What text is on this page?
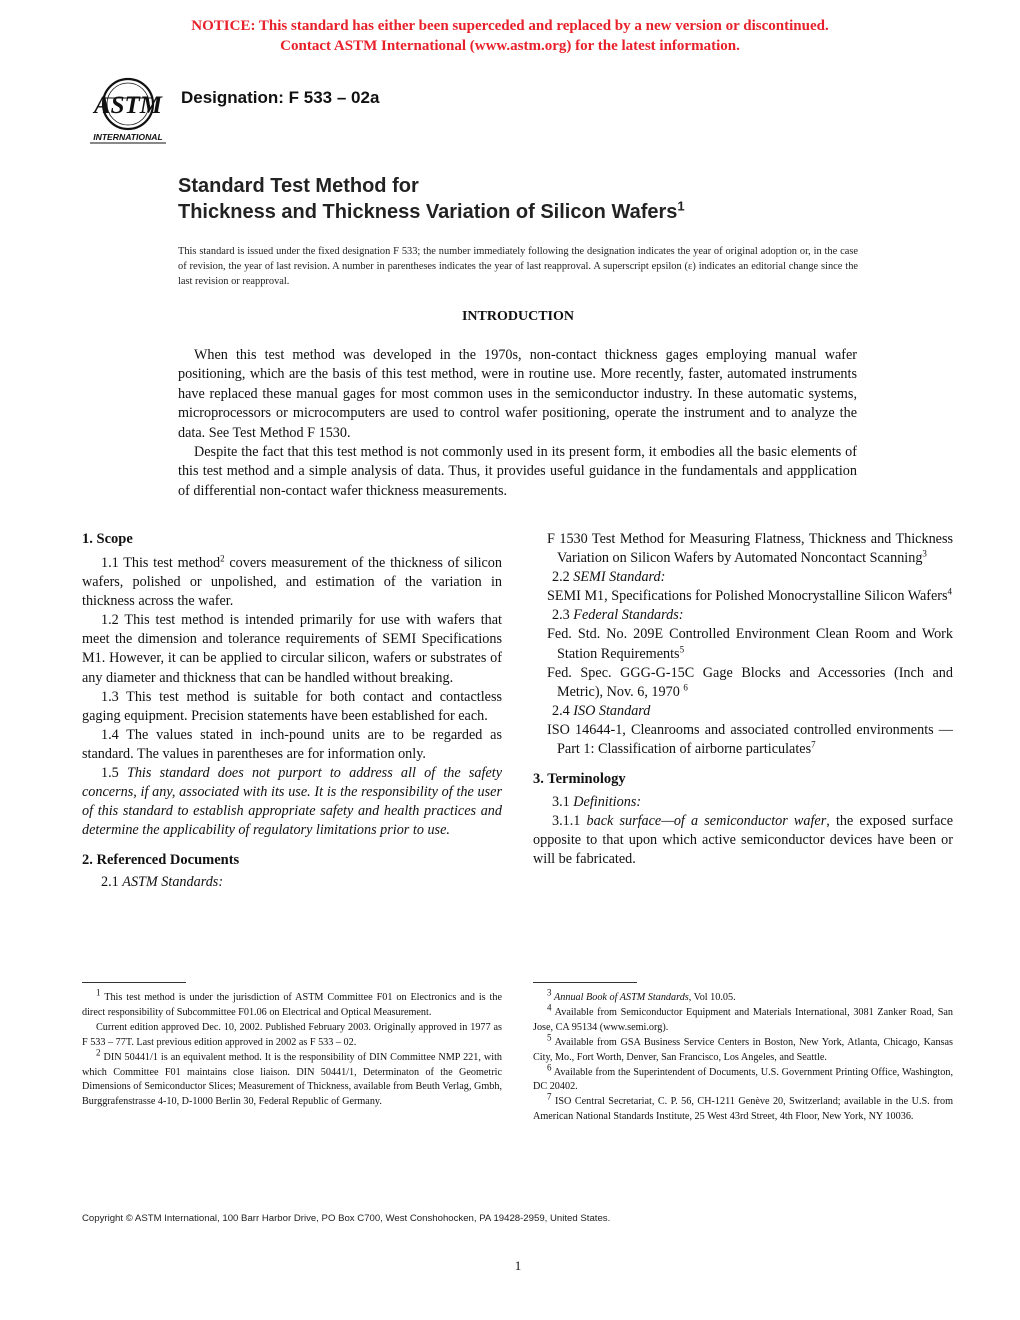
NOTICE: This standard has either been superceded and replaced by a new version or discontinued.
Contact ASTM International (www.astm.org) for the latest information.
ASTM
INTERNATIONAL
Designation: F 533 – 02a
Standard Test Method for
Thickness and Thickness Variation of Silicon Wafers$^1$
This standard is issued under the fixed designation F 533; the number immediately following the designation indicates the year of original adoption or, in the case of revision, the year of last revision. A number in parentheses indicates the year of last reapproval. A superscript epsilon (ε) indicates an editorial change since the last revision or reapproval.
INTRODUCTION

When this test method was developed in the 1970s, non-contact thickness gages employing manual wafer positioning, which are the basis of this test method, were in routine use. More recently, faster, automated instruments have replaced these manual gages for most common uses in the semiconductor industry. In these automatic systems, microprocessors or microcomputers are used to control wafer positioning, operate the instrument and to analyze the data. See Test Method F 1530.

Despite the fact that this test method is not commonly used in its present form, it embodies all the basic elements of this test method and a simple analysis of data. Thus, it provides useful guidance in the fundamentals and appplication of differential non-contact wafer thickness measurements.

1. Scope

1.1 This test method$^2$ covers measurement of the thickness of silicon wafers, polished or unpolished, and estimation of the variation in thickness across the wafer.

1.2 This test method is intended primarily for use with wafers that meet the dimension and tolerance requirements of SEMI Specifications M1. However, it can be applied to circular silicon, wafers or substrates of any diameter and thickness that can be handled without breaking.

1.3 This test method is suitable for both contact and contactless gaging equipment. Precision statements have been established for each.

1.4 The values stated in inch-pound units are to be regarded as standard. The values in parentheses are for information only.

1.5 This standard does not purport to address all of the safety concerns, if any, associated with its use. It is the responsibility of the user of this standard to establish appropriate safety and health practices and determine the applicability of regulatory limitations prior to use.

2. Referenced Documents

2.1 ASTM Standards:

F 1530 Test Method for Measuring Flatness, Thickness and Thickness Variation on Silicon Wafers by Automated Noncontact Scanning$^3$

2.2 SEMI Standard:

SEMI M1, Specifications for Polished Monocrystalline Silicon Wafers$^4$

2.3 Federal Standards:

Fed. Std. No. 209E Controlled Environment Clean Room and Work Station Requirements$^5$

Fed. Spec. GGG-G-15C Gage Blocks and Accessories (Inch and Metric), Nov. 6, 1970 $^6$

2.4 ISO Standard

ISO 14644-1, Cleanrooms and associated controlled environments — Part 1: Classification of airborne particulates$^7$

3. Terminology

3.1 Definitions:

3.1.1 back surface—of a semiconductor wafer, the exposed surface opposite to that upon which active semiconductor devices have been or will be fabricated.

$^1$ This test method is under the jurisdiction of ASTM Committee F01 on Electronics and is the direct responsibility of Subcommittee F01.06 on Electrical and Optical Measurement.

Current edition approved Dec. 10, 2002. Published February 2003. Originally approved in 1977 as F 533 – 77T. Last previous edition approved in 2002 as F 533 – 02.

$^2$ DIN 50441/1 is an equivalent method. It is the responsibility of DIN Committee NMP 221, with which Committee F01 maintains close liaison. DIN 50441/1, Determinaton of the Geometric Dimensions of Semiconductor Slices; Measurement of Thickness, available from Beuth Verlag, Gmbh, Burggrafenstrasse 4-10, D-1000 Berlin 30, Federal Republic of Germany.

$^3$ Annual Book of ASTM Standards, Vol 10.05.

$^4$ Available from Semiconductor Equipment and Materials International, 3081 Zanker Road, San Jose, CA 95134 (www.semi.org).

$^5$ Available from GSA Business Service Centers in Boston, New York, Atlanta, Chicago, Kansas City, Mo., Fort Worth, Denver, San Francisco, Los Angeles, and Seattle.

$^6$ Available from the Superintendent of Documents, U.S. Government Printing Office, Washington, DC 20402.

$^7$ ISO Central Secretariat, C. P. 56, CH-1211 Genève 20, Switzerland; available in the U.S. from American National Standards Institute, 25 West 43rd Street, 4th Floor, New York, NY 10036.

Copyright © ASTM International, 100 Barr Harbor Drive, PO Box C700, West Conshohocken, PA 19428-2959, United States.
1
